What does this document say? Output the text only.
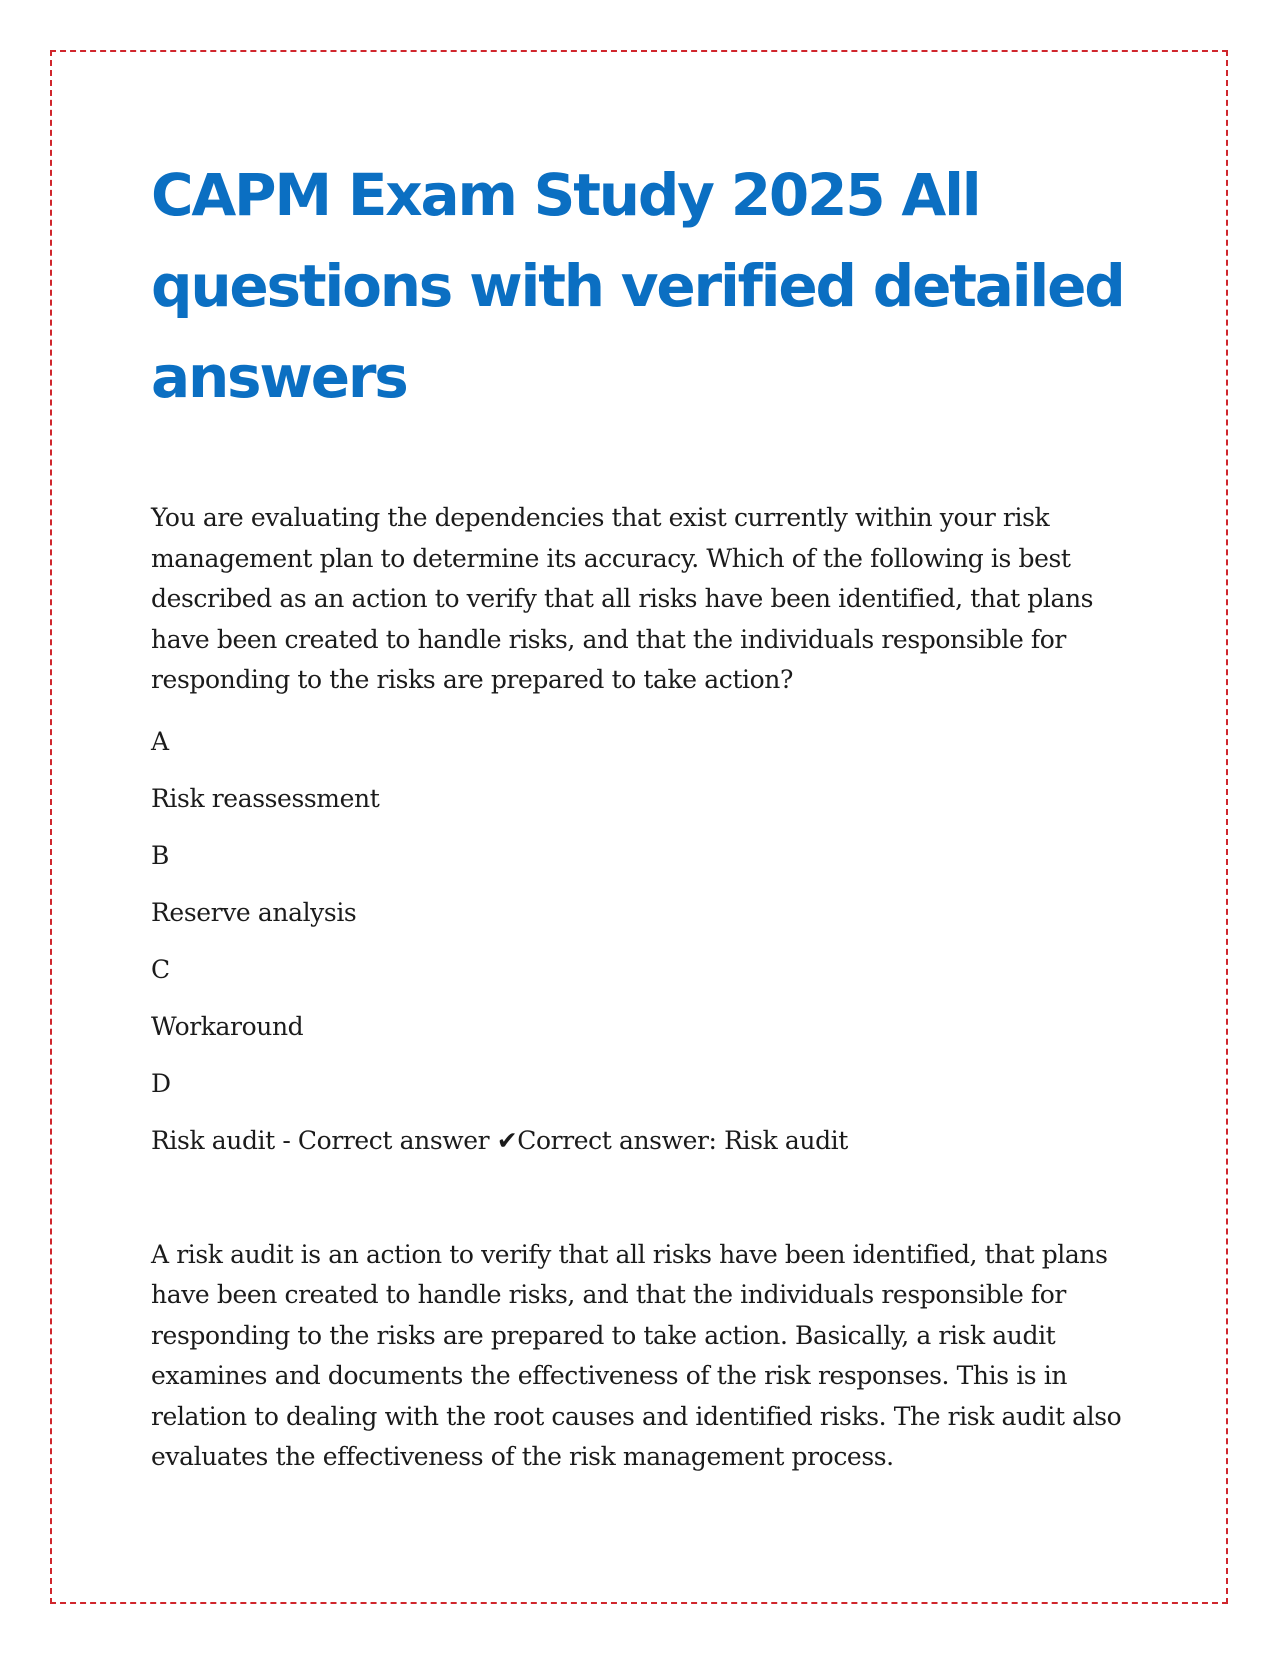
CAPM Exam Study 2025 All questions with verified detailed answers

You are evaluating the dependencies that exist currently within your risk management plan to determine its accuracy. Which of the following is best described as an action to verify that all risks have been identified, that plans have been created to handle risks, and that the individuals responsible for responding to the risks are prepared to take action?

A

Risk reassessment

B

Reserve analysis

C

Workaround

D

Risk audit - Correct answer ✔Correct answer: Risk audit

A risk audit is an action to verify that all risks have been identified, that plans have been created to handle risks, and that the individuals responsible for responding to the risks are prepared to take action. Basically, a risk audit examines and documents the effectiveness of the risk responses. This is in relation to dealing with the root causes and identified risks. The risk audit also evaluates the effectiveness of the risk management process.
